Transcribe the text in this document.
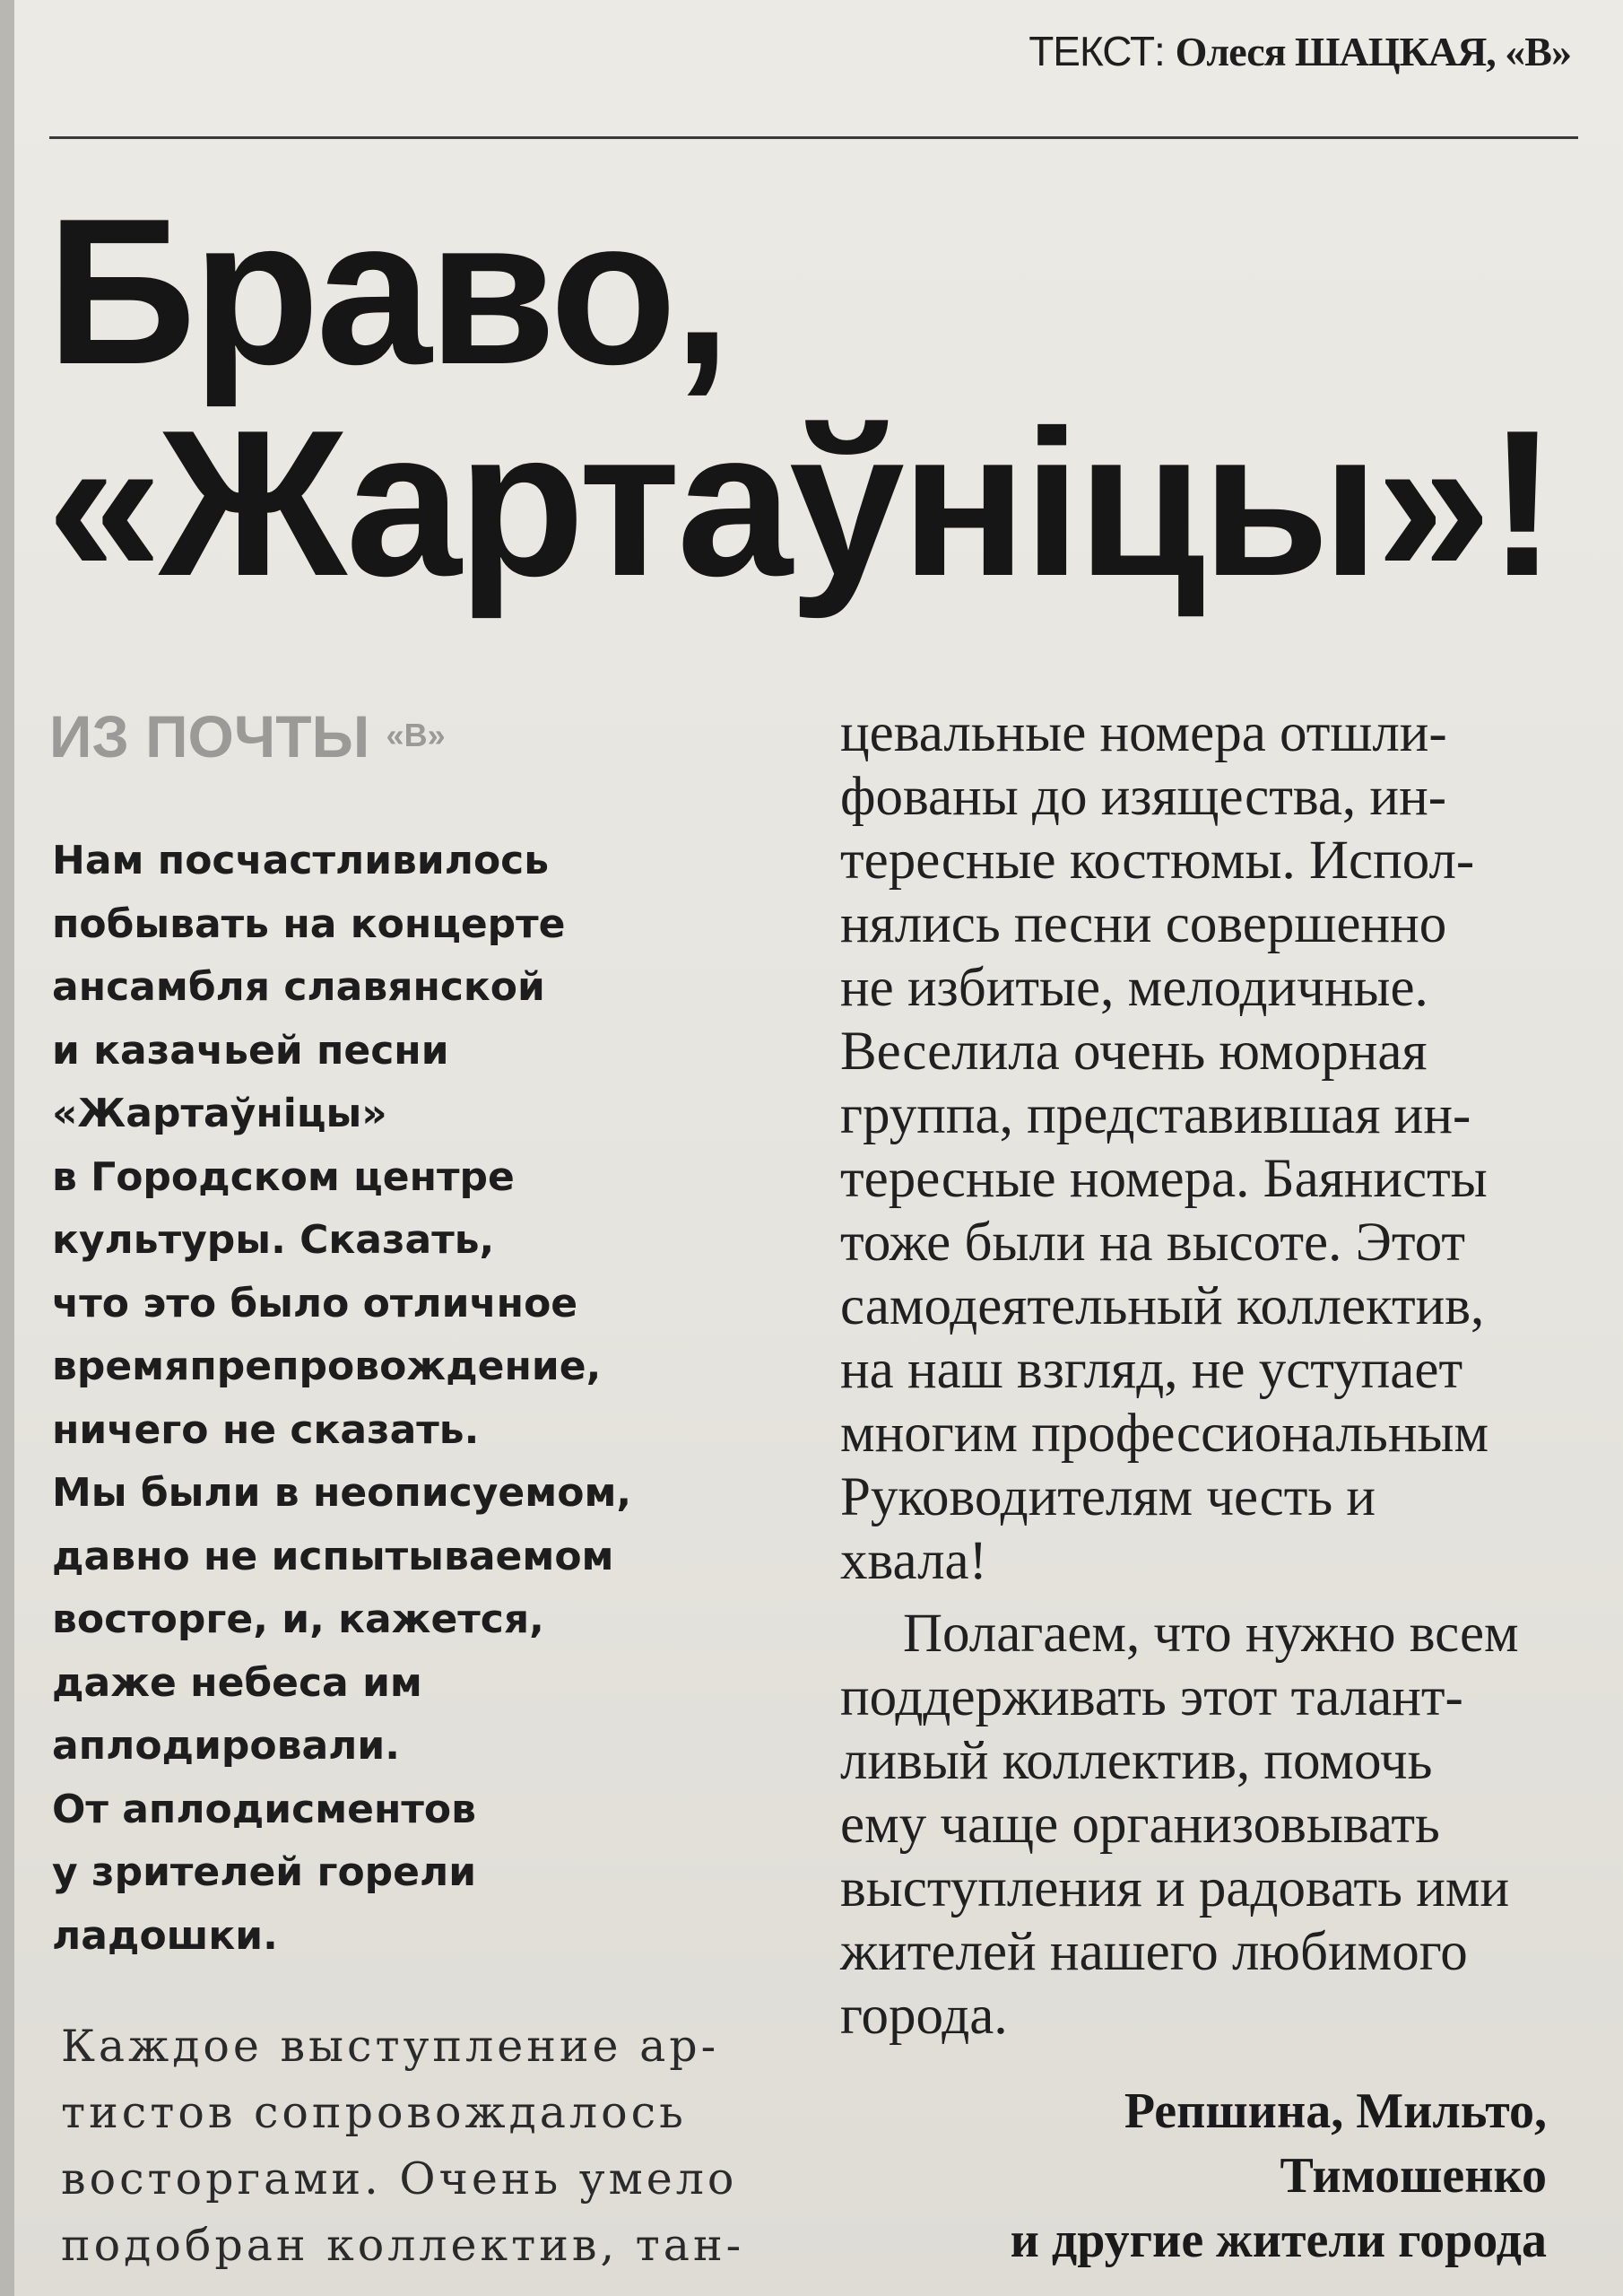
ТЕКСТ: Олеся ШАЦКАЯ, «В»
Браво,
«Жартаўніцы»!
ИЗ ПОЧТЫ «В»
Нам посчастливилось
побывать на концерте
ансамбля славянской
и казачьей песни
«Жартаўніцы»
в Городском центре
культуры. Сказать,
что это было отличное
времяпрепровождение,
ничего не сказать.
Мы были в неописуемом,
давно не испытываемом
восторге, и, кажется,
даже небеса им
аплодировали.
От аплодисментов
у зрителей горели
ладошки.
Каждое выступление ар-
тистов сопровождалось
восторгами. Очень умело
подобран коллектив, тан-
цевальные номера отшли-
фованы до изящества, ин-
тересные костюмы. Испол-
нялись песни совершенно
не избитые, мелодичные.
Веселила очень юморная
группа, представившая ин-
тересные номера. Баянисты
тоже были на высоте. Этот
самодеятельный коллектив,
на наш взгляд, не уступает
многим профессиональным
Руководителям честь и
хвала!
Полагаем, что нужно всем
поддерживать этот талант-
ливый коллектив, помочь
ему чаще организовывать
выступления и радовать ими
жителей нашего любимого
города.
Репшина, Мильто,
Тимошенко
и другие жители города
